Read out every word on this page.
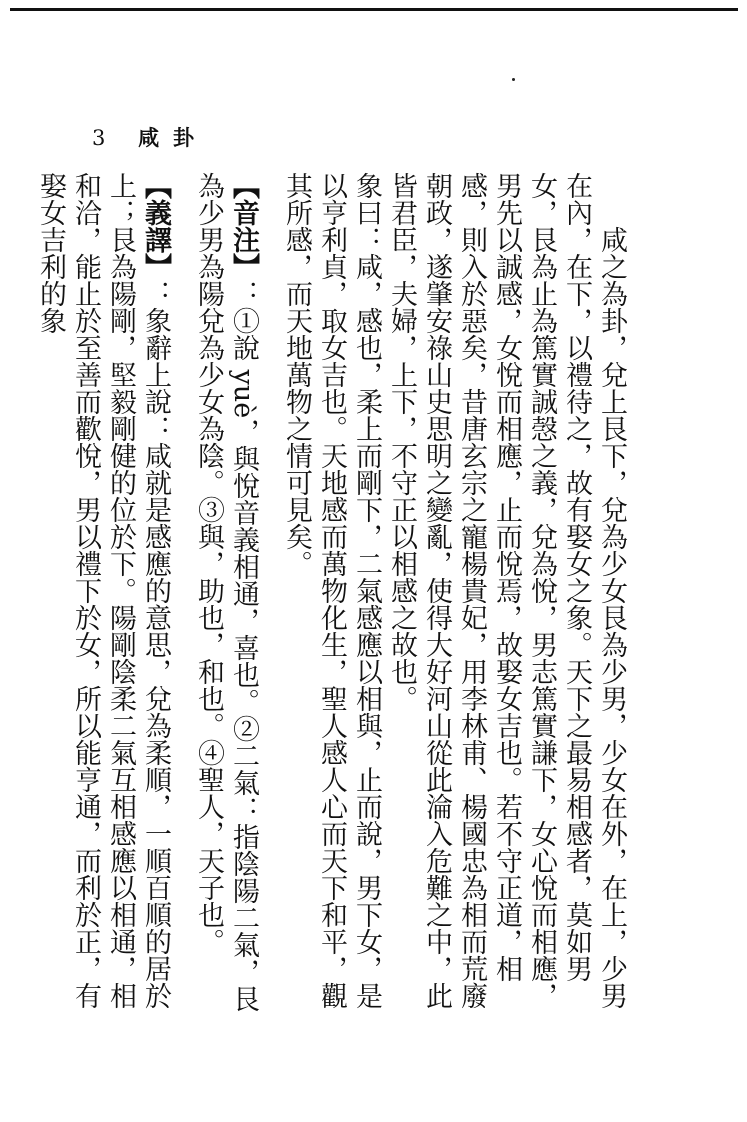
3 咸卦

咸之為卦，兌上艮下，兌為少女艮為少男，少女在外，在上，少男在內，在下，以禮待之，故有娶女之象。天下之最易相感者，莫如男女，艮為止為篤實誠愨之義，兌為悅，男志篤實謙下，女心悅而相應，男先以誠感，女悅而相應，止而悅焉，故娶女吉也。若不守正道，相感，則入於惡矣，昔唐玄宗之寵楊貴妃，用李林甫、楊國忠為相而荒廢朝政，遂肇安祿山史思明之變亂，使得大好河山從此淪入危難之中，此皆君臣，夫婦，上下，不守正以相感之故也。

象曰：咸，感也，柔上而剛下，二氣感應以相與，止而說，男下女，是以亨利貞，取女吉也。天地感而萬物化生，聖人感人心而天下和平，觀其所感，而天地萬物之情可見矣。

【音注】：①說 yuè，與悅音義相通，喜也。②二氣：指陰陽二氣，艮為少男為陽兌為少女為陰。③與，助也，和也。④聖人，天子也。

【義譯】：象辭上說：咸就是感應的意思，兌為柔順，一順百順的居於上；艮為陽剛，堅毅剛健的位於下。陽剛陰柔二氣互相感應以相通，相和洽，能止於至善而歡悅，男以禮下於女，所以能亨通，而利於正，有娶女吉利的象
